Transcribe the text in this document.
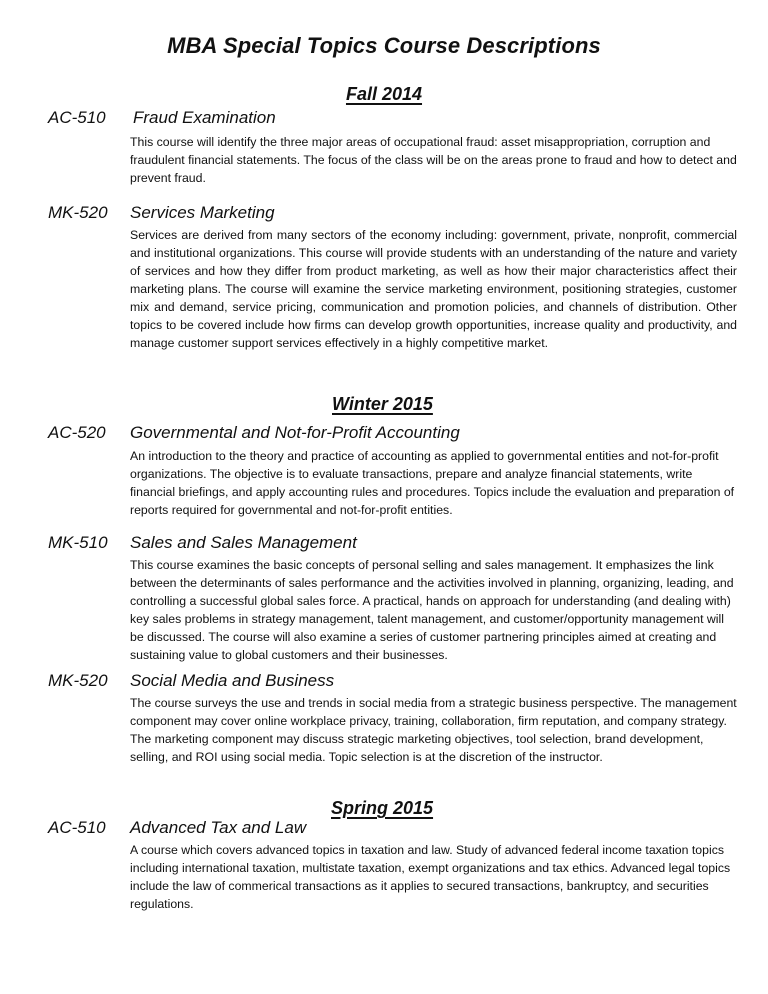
MBA Special Topics Course Descriptions
Fall 2014
AC-510 Fraud Examination

This course will identify the three major areas of occupational fraud: asset misappropriation, corruption and fraudulent financial statements. The focus of the class will be on the areas prone to fraud and how to detect and prevent fraud.

MK-520 Services Marketing

Services are derived from many sectors of the economy including: government, private, nonprofit, commercial and institutional organizations. This course will provide students with an understanding of the nature and variety of services and how they differ from product marketing, as well as how their major characteristics affect their marketing plans. The course will examine the service marketing environment, positioning strategies, customer mix and demand, service pricing, communication and promotion policies, and channels of distribution. Other topics to be covered include how firms can develop growth opportunities, increase quality and productivity, and manage customer support services effectively in a highly competitive market.

Winter 2015
AC-520 Governmental and Not-for-Profit Accounting

An introduction to the theory and practice of accounting as applied to governmental entities and not-for-profit organizations. The objective is to evaluate transactions, prepare and analyze financial statements, write financial briefings, and apply accounting rules and procedures. Topics include the evaluation and preparation of reports required for governmental and not-for-profit entities.

MK-510 Sales and Sales Management

This course examines the basic concepts of personal selling and sales management. It emphasizes the link between the determinants of sales performance and the activities involved in planning, organizing, leading, and controlling a successful global sales force. A practical, hands on approach for understanding (and dealing with) key sales problems in strategy management, talent management, and customer/opportunity management will be discussed. The course will also examine a series of customer partnering principles aimed at creating and sustaining value to global customers and their businesses.

MK-520 Social Media and Business

The course surveys the use and trends in social media from a strategic business perspective. The management component may cover online workplace privacy, training, collaboration, firm reputation, and company strategy. The marketing component may discuss strategic marketing objectives, tool selection, brand development, selling, and ROI using social media. Topic selection is at the discretion of the instructor.

Spring 2015
AC-510 Advanced Tax and Law

A course which covers advanced topics in taxation and law. Study of advanced federal income taxation topics including international taxation, multistate taxation, exempt organizations and tax ethics. Advanced legal topics include the law of commerical transactions as it applies to secured transactions, bankruptcy, and securities regulations.
